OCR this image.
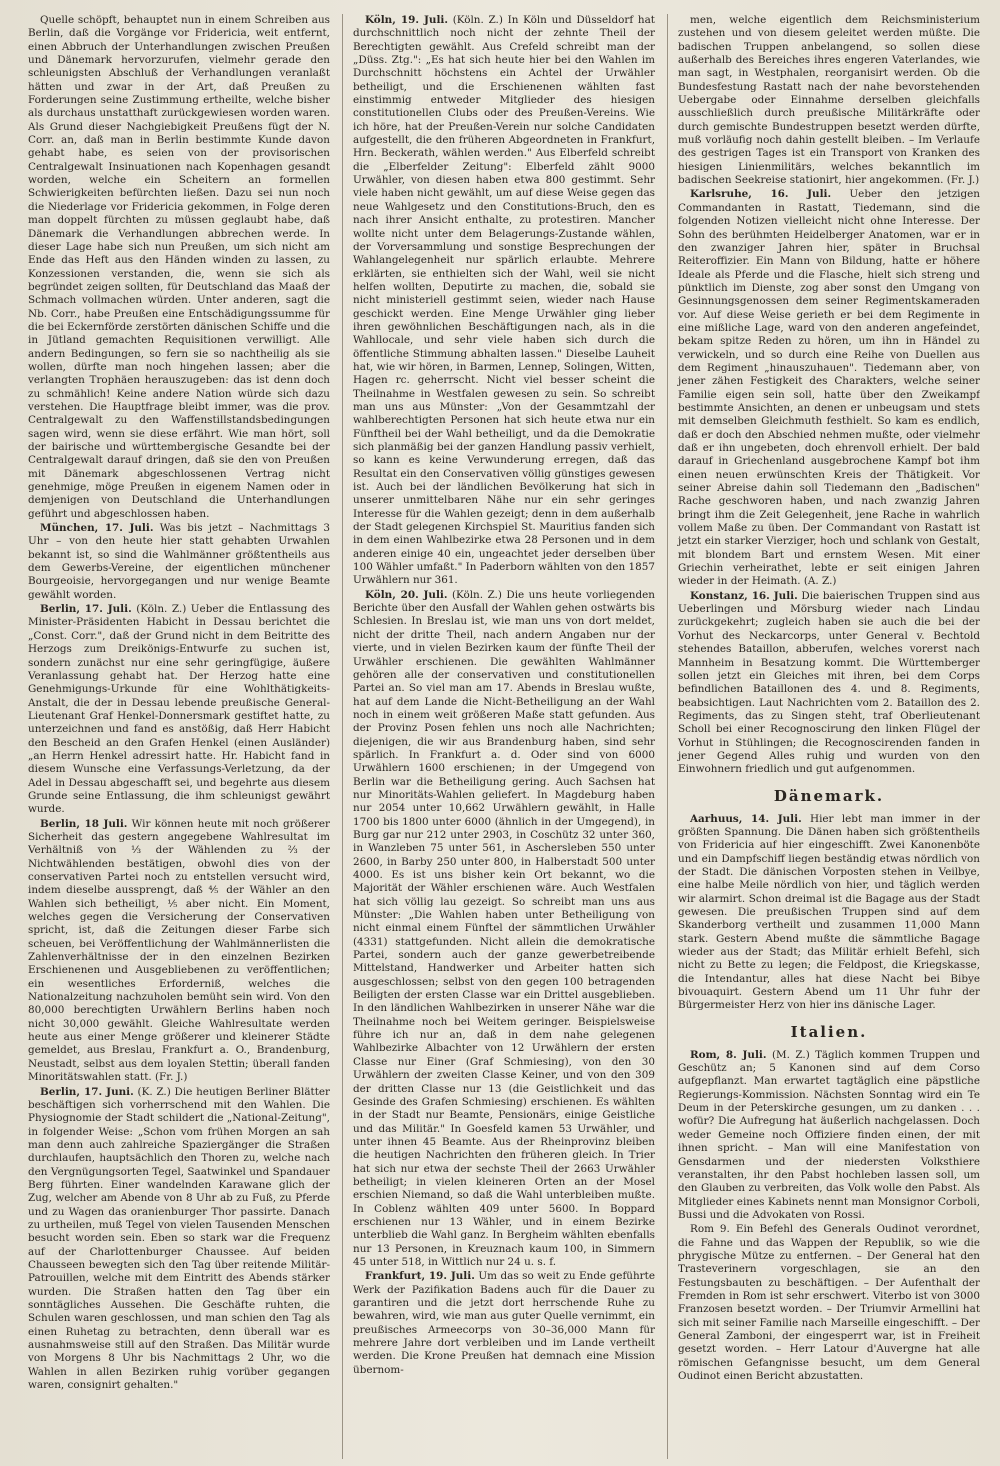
Quelle schöpft, behauptet nun in einem Schreiben aus Berlin, daß die Vorgänge vor Fridericia, weit entfernt, einen Abbruch der Unterhandlungen zwischen Preußen und Dänemark hervorzurufen, vielmehr gerade den schleunigsten Abschluß der Verhandlungen veranlaßt hätten und zwar in der Art, daß Preußen zu Forderungen seine Zustimmung ertheilte, welche bisher als durchaus unstatthaft zurückgewiesen worden waren. Als Grund dieser Nachgiebigkeit Preußens fügt der N. Corr. an, daß man in Berlin bestimmte Kunde davon gehabt habe, es seien von der provisorischen Centralgewalt Insinuationen nach Kopenhagen gesandt worden, welche ein Scheitern an formellen Schwierigkeiten befürchten ließen. Dazu sei nun noch die Niederlage vor Fridericia gekommen, in Folge deren man doppelt fürchten zu müssen geglaubt habe, daß Dänemark die Verhandlungen abbrechen werde. In dieser Lage habe sich nun Preußen, um sich nicht am Ende das Heft aus den Händen winden zu lassen, zu Konzessionen verstanden, die, wenn sie sich als begründet zeigen sollten, für Deutschland das Maaß der Schmach vollmachen würden. Unter anderen, sagt die Nb. Corr., habe Preußen eine Entschädigungssumme für die bei Eckernförde zerstörten dänischen Schiffe und die in Jütland gemachten Requisitionen verwilligt. Alle andern Bedingungen, so fern sie so nachtheilig als sie wollen, dürfte man noch hingehen lassen; aber die verlangten Trophäen herauszugeben: das ist denn doch zu schmählich! Keine andere Nation würde sich dazu verstehen. Die Hauptfrage bleibt immer, was die prov. Centralgewalt zu den Waffenstillstandsbedingungen sagen wird, wenn sie diese erfährt. Wie man hört, soll der bairische und württembergische Gesandte bei der Centralgewalt darauf dringen, daß sie den von Preußen mit Dänemark abgeschlossenen Vertrag nicht genehmige, möge Preußen in eigenem Namen oder in demjenigen von Deutschland die Unterhandlungen geführt und abgeschlossen haben.

München, 17. Juli. Was bis jetzt – Nachmittags 3 Uhr – von den heute hier statt gehabten Urwahlen bekannt ist, so sind die Wahlmänner größtentheils aus dem Gewerbs-Vereine, der eigentlichen münchener Bourgeoisie, hervorgegangen und nur wenige Beamte gewählt worden.

Berlin, 17. Juli. (Köln. Z.) Ueber die Entlassung des Minister-Präsidenten Habicht in Dessau berichtet die „Const. Corr.", daß der Grund nicht in dem Beitritte des Herzogs zum Dreikönigs-Entwurfe zu suchen ist, sondern zunächst nur eine sehr geringfügige, äußere Veranlassung gehabt hat. Der Herzog hatte eine Genehmigungs-Urkunde für eine Wohlthätigkeits-Anstalt, die der in Dessau lebende preußische General-Lieutenant Graf Henkel-Donnersmark gestiftet hatte, zu unterzeichnen und fand es anstößig, daß Herr Habicht den Bescheid an den Grafen Henkel (einen Ausländer) „an Herrn Henkel adressirt hatte. Hr. Habicht fand in diesem Wunsche eine Verfassungs-Verletzung, da der Adel in Dessau abgeschafft sei, und begehrte aus diesem Grunde seine Entlassung, die ihm schleunigst gewährt wurde.

Berlin, 18 Juli. Wir können heute mit noch größerer Sicherheit das gestern angegebene Wahlresultat im Verhältniß von ⅓ der Wählenden zu ⅔ der Nichtwählenden bestätigen, obwohl dies von der conservativen Partei noch zu entstellen versucht wird, indem dieselbe aussprengt, daß ⅘ der Wähler an den Wahlen sich betheiligt, ⅕ aber nicht. Ein Moment, welches gegen die Versicherung der Conservativen spricht, ist, daß die Zeitungen dieser Farbe sich scheuen, bei Veröffentlichung der Wahlmännerlisten die Zahlenverhältnisse der in den einzelnen Bezirken Erschienenen und Ausgebliebenen zu veröffentlichen; ein wesentliches Erforderniß, welches die Nationalzeitung nachzuholen bemüht sein wird. Von den 80,000 berechtigten Urwählern Berlins haben noch nicht 30,000 gewählt. Gleiche Wahlresultate werden heute aus einer Menge größerer und kleinerer Städte gemeldet, aus Breslau, Frankfurt a. O., Brandenburg, Neustadt, selbst aus dem loyalen Stettin; überall fanden Minoritätswahlen statt. (Fr. J.)

Berlin, 17. Juni. (K. Z.) Die heutigen Berliner Blätter beschäftigen sich vorherrschend mit den Wahlen. Die Physiognomie der Stadt schildert die „National-Zeitung", in folgender Weise: „Schon vom frühen Morgen an sah man denn auch zahlreiche Spaziergänger die Straßen durchlaufen, hauptsächlich den Thoren zu, welche nach den Vergnügungsorten Tegel, Saatwinkel und Spandauer Berg führten. Einer wandelnden Karawane glich der Zug, welcher am Abende von 8 Uhr ab zu Fuß, zu Pferde und zu Wagen das oranienburger Thor passirte. Danach zu urtheilen, muß Tegel von vielen Tausenden Menschen besucht worden sein. Eben so stark war die Frequenz auf der Charlottenburger Chaussee. Auf beiden Chausseen bewegten sich den Tag über reitende Militär-Patrouillen, welche mit dem Eintritt des Abends stärker wurden. Die Straßen hatten den Tag über ein sonntägliches Aussehen. Die Geschäfte ruhten, die Schulen waren geschlossen, und man schien den Tag als einen Ruhetag zu betrachten, denn überall war es ausnahmsweise still auf den Straßen. Das Militär wurde von Morgens 8 Uhr bis Nachmittags 2 Uhr, wo die Wahlen in allen Bezirken ruhig vorüber gegangen waren, consignirt gehalten."

Köln, 19. Juli. (Köln. Z.) In Köln und Düsseldorf hat durchschnittlich noch nicht der zehnte Theil der Berechtigten gewählt. Aus Crefeld schreibt man der „Düss. Ztg.": „Es hat sich heute hier bei den Wahlen im Durchschnitt höchstens ein Achtel der Urwähler betheiligt, und die Erschienenen wählten fast einstimmig entweder Mitglieder des hiesigen constitutionellen Clubs oder des Preußen-Vereins. Wie ich höre, hat der Preußen-Verein nur solche Candidaten aufgestellt, die den früheren Abgeordneten in Frankfurt, Hrn. Beckerath, wählen werden." Aus Elberfeld schreibt die „Elberfelder Zeitung": Elberfeld zählt 9000 Urwähler, von diesen haben etwa 800 gestimmt. Sehr viele haben nicht gewählt, um auf diese Weise gegen das neue Wahlgesetz und den Constitutions-Bruch, den es nach ihrer Ansicht enthalte, zu protestiren. Mancher wollte nicht unter dem Belagerungs-Zustande wählen, der Vorversammlung und sonstige Besprechungen der Wahlangelegenheit nur spärlich erlaubte. Mehrere erklärten, sie enthielten sich der Wahl, weil sie nicht helfen wollten, Deputirte zu machen, die, sobald sie nicht ministeriell gestimmt seien, wieder nach Hause geschickt werden. Eine Menge Urwähler ging lieber ihren gewöhnlichen Beschäftigungen nach, als in die Wahllocale, und sehr viele haben sich durch die öffentliche Stimmung abhalten lassen." Dieselbe Lauheit hat, wie wir hören, in Barmen, Lennep, Solingen, Witten, Hagen rc. geherrscht. Nicht viel besser scheint die Theilnahme in Westfalen gewesen zu sein. So schreibt man uns aus Münster: „Von der Gesammtzahl der wahlberechtigten Personen hat sich heute etwa nur ein Fünftheil bei der Wahl betheiligt, und da die Demokratie sich planmäßig bei der ganzen Handlung passiv verhielt, so kann es keine Verwunderung erregen, daß das Resultat ein den Conservativen völlig günstiges gewesen ist. Auch bei der ländlichen Bevölkerung hat sich in unserer unmittelbaren Nähe nur ein sehr geringes Interesse für die Wahlen gezeigt; denn in dem außerhalb der Stadt gelegenen Kirchspiel St. Mauritius fanden sich in dem einen Wahlbezirke etwa 28 Personen und in dem anderen einige 40 ein, ungeachtet jeder derselben über 100 Wähler umfaßt." In Paderborn wählten von den 1857 Urwählern nur 361.

Köln, 20. Juli. (Köln. Z.) Die uns heute vorliegenden Berichte über den Ausfall der Wahlen gehen ostwärts bis Schlesien. In Breslau ist, wie man uns von dort meldet, nicht der dritte Theil, nach andern Angaben nur der vierte, und in vielen Bezirken kaum der fünfte Theil der Urwähler erschienen. Die gewählten Wahlmänner gehören alle der conservativen und constitutionellen Partei an. So viel man am 17. Abends in Breslau wußte, hat auf dem Lande die Nicht-Betheiligung an der Wahl noch in einem weit größeren Maße statt gefunden. Aus der Provinz Posen fehlen uns noch alle Nachrichten; diejenigen, die wir aus Brandenburg haben, sind sehr spärlich. In Frankfurt a. d. Oder sind von 6000 Urwählern 1600 erschienen; in der Umgegend von Berlin war die Betheiligung gering. Auch Sachsen hat nur Minoritäts-Wahlen geliefert. In Magdeburg haben nur 2054 unter 10,662 Urwählern gewählt, in Halle 1700 bis 1800 unter 6000 (ähnlich in der Umgegend), in Burg gar nur 212 unter 2903, in Coschütz 32 unter 360, in Wanzleben 75 unter 561, in Aschersleben 550 unter 2600, in Barby 250 unter 800, in Halberstadt 500 unter 4000. Es ist uns bisher kein Ort bekannt, wo die Majorität der Wähler erschienen wäre. Auch Westfalen hat sich völlig lau gezeigt. So schreibt man uns aus Münster: „Die Wahlen haben unter Betheiligung von nicht einmal einem Fünftel der sämmtlichen Urwähler (4331) stattgefunden. Nicht allein die demokratische Partei, sondern auch der ganze gewerbetreibende Mittelstand, Handwerker und Arbeiter hatten sich ausgeschlossen; selbst von den gegen 100 betragenden Beiligten der ersten Classe war ein Drittel ausgeblieben. In den ländlichen Wahlbezirken in unserer Nähe war die Theilnahme noch bei Weitem geringer. Beispielsweise führe ich nur an, daß in dem nahe gelegenen Wahlbezirke Albachter von 12 Urwählern der ersten Classe nur Einer (Graf Schmiesing), von den 30 Urwählern der zweiten Classe Keiner, und von den 309 der dritten Classe nur 13 (die Geistlichkeit und das Gesinde des Grafen Schmiesing) erschienen. Es wählten in der Stadt nur Beamte, Pensionärs, einige Geistliche und das Militär." In Goesfeld kamen 53 Urwähler, und unter ihnen 45 Beamte. Aus der Rheinprovinz bleiben die heutigen Nachrichten den früheren gleich. In Trier hat sich nur etwa der sechste Theil der 2663 Urwähler betheiligt; in vielen kleineren Orten an der Mosel erschien Niemand, so daß die Wahl unterbleiben mußte. In Coblenz wählten 409 unter 5600. In Boppard erschienen nur 13 Wähler, und in einem Bezirke unterblieb die Wahl ganz. In Bergheim wählten ebenfalls nur 13 Personen, in Kreuznach kaum 100, in Simmern 45 unter 518, in Wittlich nur 24 u. s. f.

Frankfurt, 19. Juli. Um das so weit zu Ende geführte Werk der Pazifikation Badens auch für die Dauer zu garantiren und die jetzt dort herrschende Ruhe zu bewahren, wird, wie man aus guter Quelle vernimmt, ein preußisches Armeecorps von 30–36,000 Mann für mehrere Jahre dort verbleiben und im Lande vertheilt werden. Die Krone Preußen hat demnach eine Mission übernom-

men, welche eigentlich dem Reichsministerium zustehen und von diesem geleitet werden müßte. Die badischen Truppen anbelangend, so sollen diese außerhalb des Bereiches ihres engeren Vaterlandes, wie man sagt, in Westphalen, reorganisirt werden. Ob die Bundesfestung Rastatt nach der nahe bevorstehenden Uebergabe oder Einnahme derselben gleichfalls ausschließlich durch preußische Militärkräfte oder durch gemischte Bundestruppen besetzt werden dürfte, muß vorläufig noch dahin gestellt bleiben. – Im Verlaufe des gestrigen Tages ist ein Transport von Kranken des hiesigen Linienmilitärs, welches bekanntlich im badischen Seekreise stationirt, hier angekommen. (Fr. J.)

Karlsruhe, 16. Juli. Ueber den jetzigen Commandanten in Rastatt, Tiedemann, sind die folgenden Notizen vielleicht nicht ohne Interesse. Der Sohn des berühmten Heidelberger Anatomen, war er in den zwanziger Jahren hier, später in Bruchsal Reiteroffizier. Ein Mann von Bildung, hatte er höhere Ideale als Pferde und die Flasche, hielt sich streng und pünktlich im Dienste, zog aber sonst den Umgang von Gesinnungsgenossen dem seiner Regimentskameraden vor. Auf diese Weise gerieth er bei dem Regimente in eine mißliche Lage, ward von den anderen angefeindet, bekam spitze Reden zu hören, um ihn in Händel zu verwickeln, und so durch eine Reihe von Duellen aus dem Regiment „hinauszuhauen". Tiedemann aber, von jener zähen Festigkeit des Charakters, welche seiner Familie eigen sein soll, hatte über den Zweikampf bestimmte Ansichten, an denen er unbeugsam und stets mit demselben Gleichmuth festhielt. So kam es endlich, daß er doch den Abschied nehmen mußte, oder vielmehr daß er ihn ungebeten, doch ehrenvoll erhielt. Der bald darauf in Griechenland ausgebrochene Kampf bot ihm einen neuen erwünschten Kreis der Thätigkeit. Vor seiner Abreise dahin soll Tiedemann den „Badischen" Rache geschworen haben, und nach zwanzig Jahren bringt ihm die Zeit Gelegenheit, jene Rache in wahrlich vollem Maße zu üben. Der Commandant von Rastatt ist jetzt ein starker Vierziger, hoch und schlank von Gestalt, mit blondem Bart und ernstem Wesen. Mit einer Griechin verheirathet, lebte er seit einigen Jahren wieder in der Heimath. (A. Z.)

Konstanz, 16. Juli. Die baierischen Truppen sind aus Ueberlingen und Mörsburg wieder nach Lindau zurückgekehrt; zugleich haben sie auch die bei der Vorhut des Neckarcorps, unter General v. Bechtold stehendes Bataillon, abberufen, welches vorerst nach Mannheim in Besatzung kommt. Die Württemberger sollen jetzt ein Gleiches mit ihren, bei dem Corps befindlichen Bataillonen des 4. und 8. Regiments, beabsichtigen. Laut Nachrichten vom 2. Bataillon des 2. Regiments, das zu Singen steht, traf Oberlieutenant Scholl bei einer Recognoscirung den linken Flügel der Vorhut in Stühlingen; die Recognoscirenden fanden in jener Gegend Alles ruhig und wurden von den Einwohnern friedlich und gut aufgenommen.

Dänemark.

Aarhuus, 14. Juli. Hier lebt man immer in der größten Spannung. Die Dänen haben sich größtentheils von Fridericia auf hier eingeschifft. Zwei Kanonenböte und ein Dampfschiff liegen beständig etwas nördlich von der Stadt. Die dänischen Vorposten stehen in Veilbye, eine halbe Meile nördlich von hier, und täglich werden wir alarmirt. Schon dreimal ist die Bagage aus der Stadt gewesen. Die preußischen Truppen sind auf dem Skanderborg vertheilt und zusammen 11,000 Mann stark. Gestern Abend mußte die sämmtliche Bagage wieder aus der Stadt; das Militär erhielt Befehl, sich nicht zu Bette zu legen; die Feldpost, die Kriegskasse, die Intendantur, alles hat diese Nacht bei Bibye bivouaquirt. Gestern Abend um 11 Uhr fuhr der Bürgermeister Herz von hier ins dänische Lager.

Italien.

Rom, 8. Juli. (M. Z.) Täglich kommen Truppen und Geschütz an; 5 Kanonen sind auf dem Corso aufgepflanzt. Man erwartet tagtäglich eine päpstliche Regierungs-Kommission. Nächsten Sonntag wird ein Te Deum in der Peterskirche gesungen, um zu danken . . . wofür? Die Aufregung hat äußerlich nachgelassen. Doch weder Gemeine noch Offiziere finden einen, der mit ihnen spricht. – Man will eine Manifestation von Gensdarmen und der niedersten Volksthiere veranstalten, ihr den Pabst hochleben lassen soll, um den Glauben zu verbreiten, das Volk wolle den Pabst. Als Mitglieder eines Kabinets nennt man Monsignor Corboli, Bussi und die Advokaten von Rossi.

Rom 9. Ein Befehl des Generals Oudinot verordnet, die Fahne und das Wappen der Republik, so wie die phrygische Mütze zu entfernen. – Der General hat den Trasteverinern vorgeschlagen, sie an den Festungsbauten zu beschäftigen. – Der Aufenthalt der Fremden in Rom ist sehr erschwert. Viterbo ist von 3000 Franzosen besetzt worden. – Der Triumvir Armellini hat sich mit seiner Familie nach Marseille eingeschifft. – Der General Zamboni, der eingesperrt war, ist in Freiheit gesetzt worden. – Herr Latour d'Auvergne hat alle römischen Gefangnisse besucht, um dem General Oudinot einen Bericht abzustatten.
